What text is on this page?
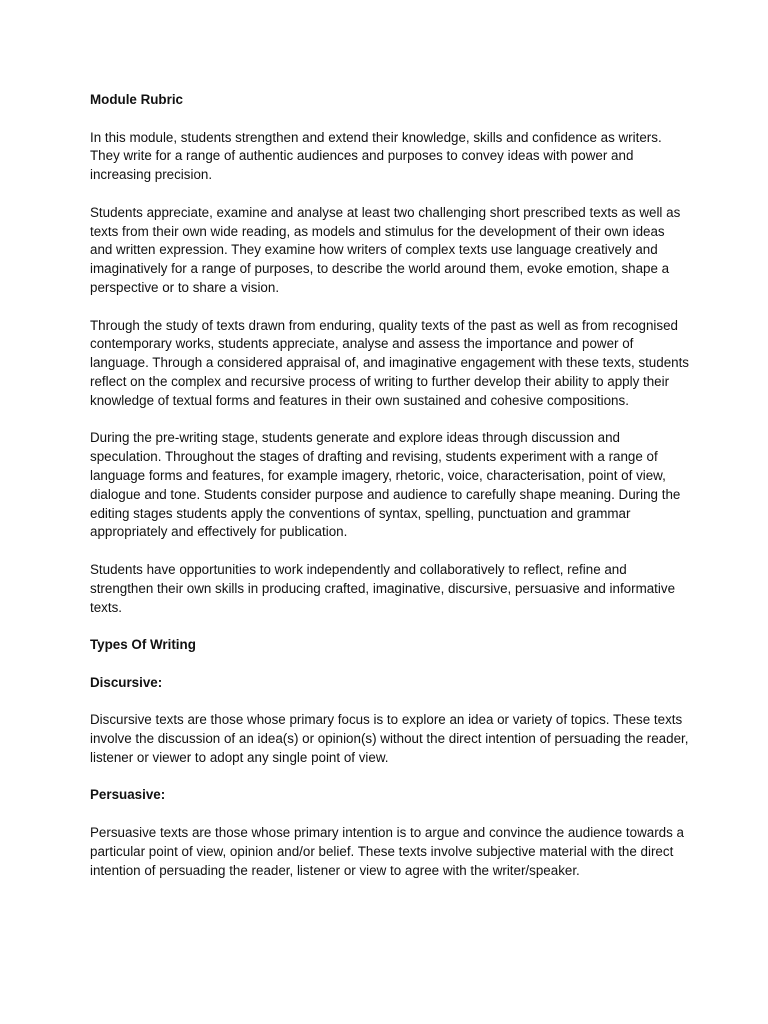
Module Rubric

In this module, students strengthen and extend their knowledge, skills and confidence as writers. They write for a range of authentic audiences and purposes to convey ideas with power and increasing precision.

Students appreciate, examine and analyse at least two challenging short prescribed texts as well as texts from their own wide reading, as models and stimulus for the development of their own ideas and written expression. They examine how writers of complex texts use language creatively and imaginatively for a range of purposes, to describe the world around them, evoke emotion, shape a perspective or to share a vision.

Through the study of texts drawn from enduring, quality texts of the past as well as from recognised contemporary works, students appreciate, analyse and assess the importance and power of language. Through a considered appraisal of, and imaginative engagement with these texts, students reflect on the complex and recursive process of writing to further develop their ability to apply their knowledge of textual forms and features in their own sustained and cohesive compositions.

During the pre-writing stage, students generate and explore ideas through discussion and speculation. Throughout the stages of drafting and revising, students experiment with a range of language forms and features, for example imagery, rhetoric, voice, characterisation, point of view, dialogue and tone. Students consider purpose and audience to carefully shape meaning. During the editing stages students apply the conventions of syntax, spelling, punctuation and grammar appropriately and effectively for publication.

Students have opportunities to work independently and collaboratively to reflect, refine and strengthen their own skills in producing crafted, imaginative, discursive, persuasive and informative texts.

Types Of Writing

Discursive:

Discursive texts are those whose primary focus is to explore an idea or variety of topics. These texts involve the discussion of an idea(s) or opinion(s) without the direct intention of persuading the reader, listener or viewer to adopt any single point of view.

Persuasive:

Persuasive texts are those whose primary intention is to argue and convince the audience towards a particular point of view, opinion and/or belief. These texts involve subjective material with the direct intention of persuading the reader, listener or view to agree with the writer/speaker.
